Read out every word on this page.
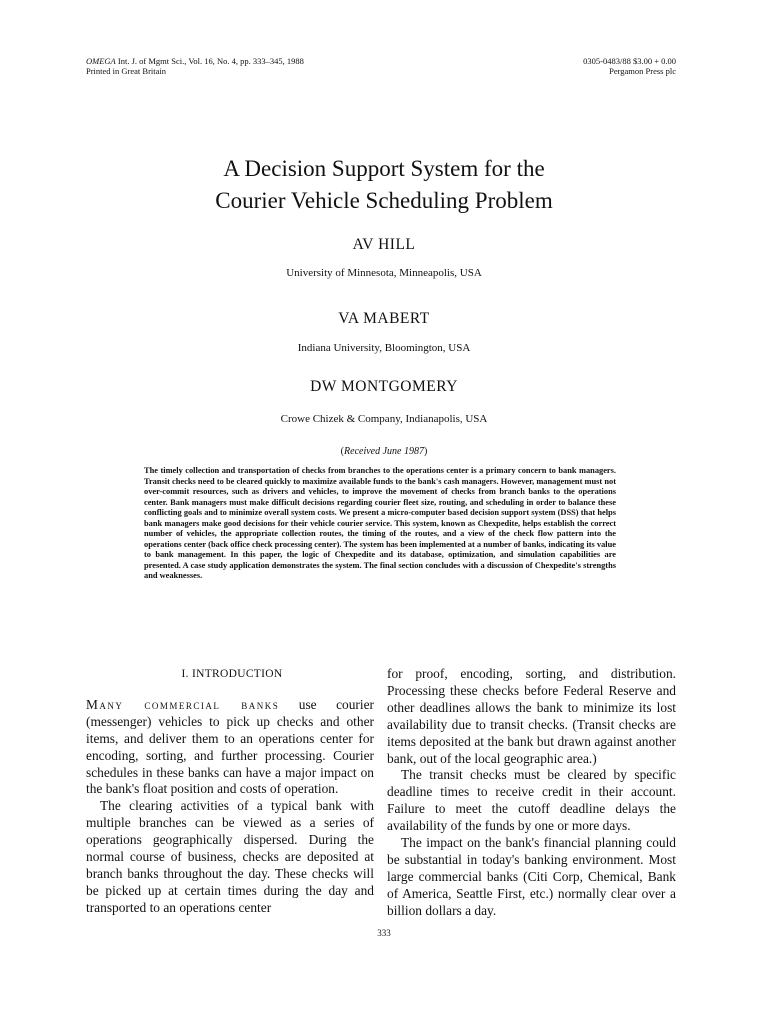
OMEGA Int. J. of Mgmt Sci., Vol. 16, No. 4, pp. 333–345, 1988
Printed in Great Britain
0305-0483/88 $3.00 + 0.00
Pergamon Press plc
A Decision Support System for the
Courier Vehicle Scheduling Problem
AV HILL
University of Minnesota, Minneapolis, USA
VA MABERT
Indiana University, Bloomington, USA
DW MONTGOMERY
Crowe Chizek & Company, Indianapolis, USA
(Received June 1987)

The timely collection and transportation of checks from branches to the operations center is a primary concern to bank managers. Transit checks need to be cleared quickly to maximize available funds to the bank's cash managers. However, management must not over-commit resources, such as drivers and vehicles, to improve the movement of checks from branch banks to the operations center. Bank managers must make difficult decisions regarding courier fleet size, routing, and scheduling in order to balance these conflicting goals and to minimize overall system costs. We present a micro-computer based decision support system (DSS) that helps bank managers make good decisions for their vehicle courier service. This system, known as Chexpedite, helps establish the correct number of vehicles, the appropriate collection routes, the timing of the routes, and a view of the check flow pattern into the operations center (back office check processing center). The system has been implemented at a number of banks, indicating its value to bank management. In this paper, the logic of Chexpedite and its database, optimization, and simulation capabilities are presented. A case study application demonstrates the system. The final section concludes with a discussion of Chexpedite's strengths and weaknesses.

I. INTRODUCTION

Many commercial banks use courier (messenger) vehicles to pick up checks and other items, and deliver them to an operations center for encoding, sorting, and further processing. Courier schedules in these banks can have a major impact on the bank's float position and costs of operation.

The clearing activities of a typical bank with multiple branches can be viewed as a series of operations geographically dispersed. During the normal course of business, checks are deposited at branch banks throughout the day. These checks will be picked up at certain times during the day and transported to an operations center

for proof, encoding, sorting, and distribution. Processing these checks before Federal Reserve and other deadlines allows the bank to minimize its lost availability due to transit checks. (Transit checks are items deposited at the bank but drawn against another bank, out of the local geographic area.)

The transit checks must be cleared by specific deadline times to receive credit in their account. Failure to meet the cutoff deadline delays the availability of the funds by one or more days.

The impact on the bank's financial planning could be substantial in today's banking environment. Most large commercial banks (Citi Corp, Chemical, Bank of America, Seattle First, etc.) normally clear over a billion dollars a day.

333
